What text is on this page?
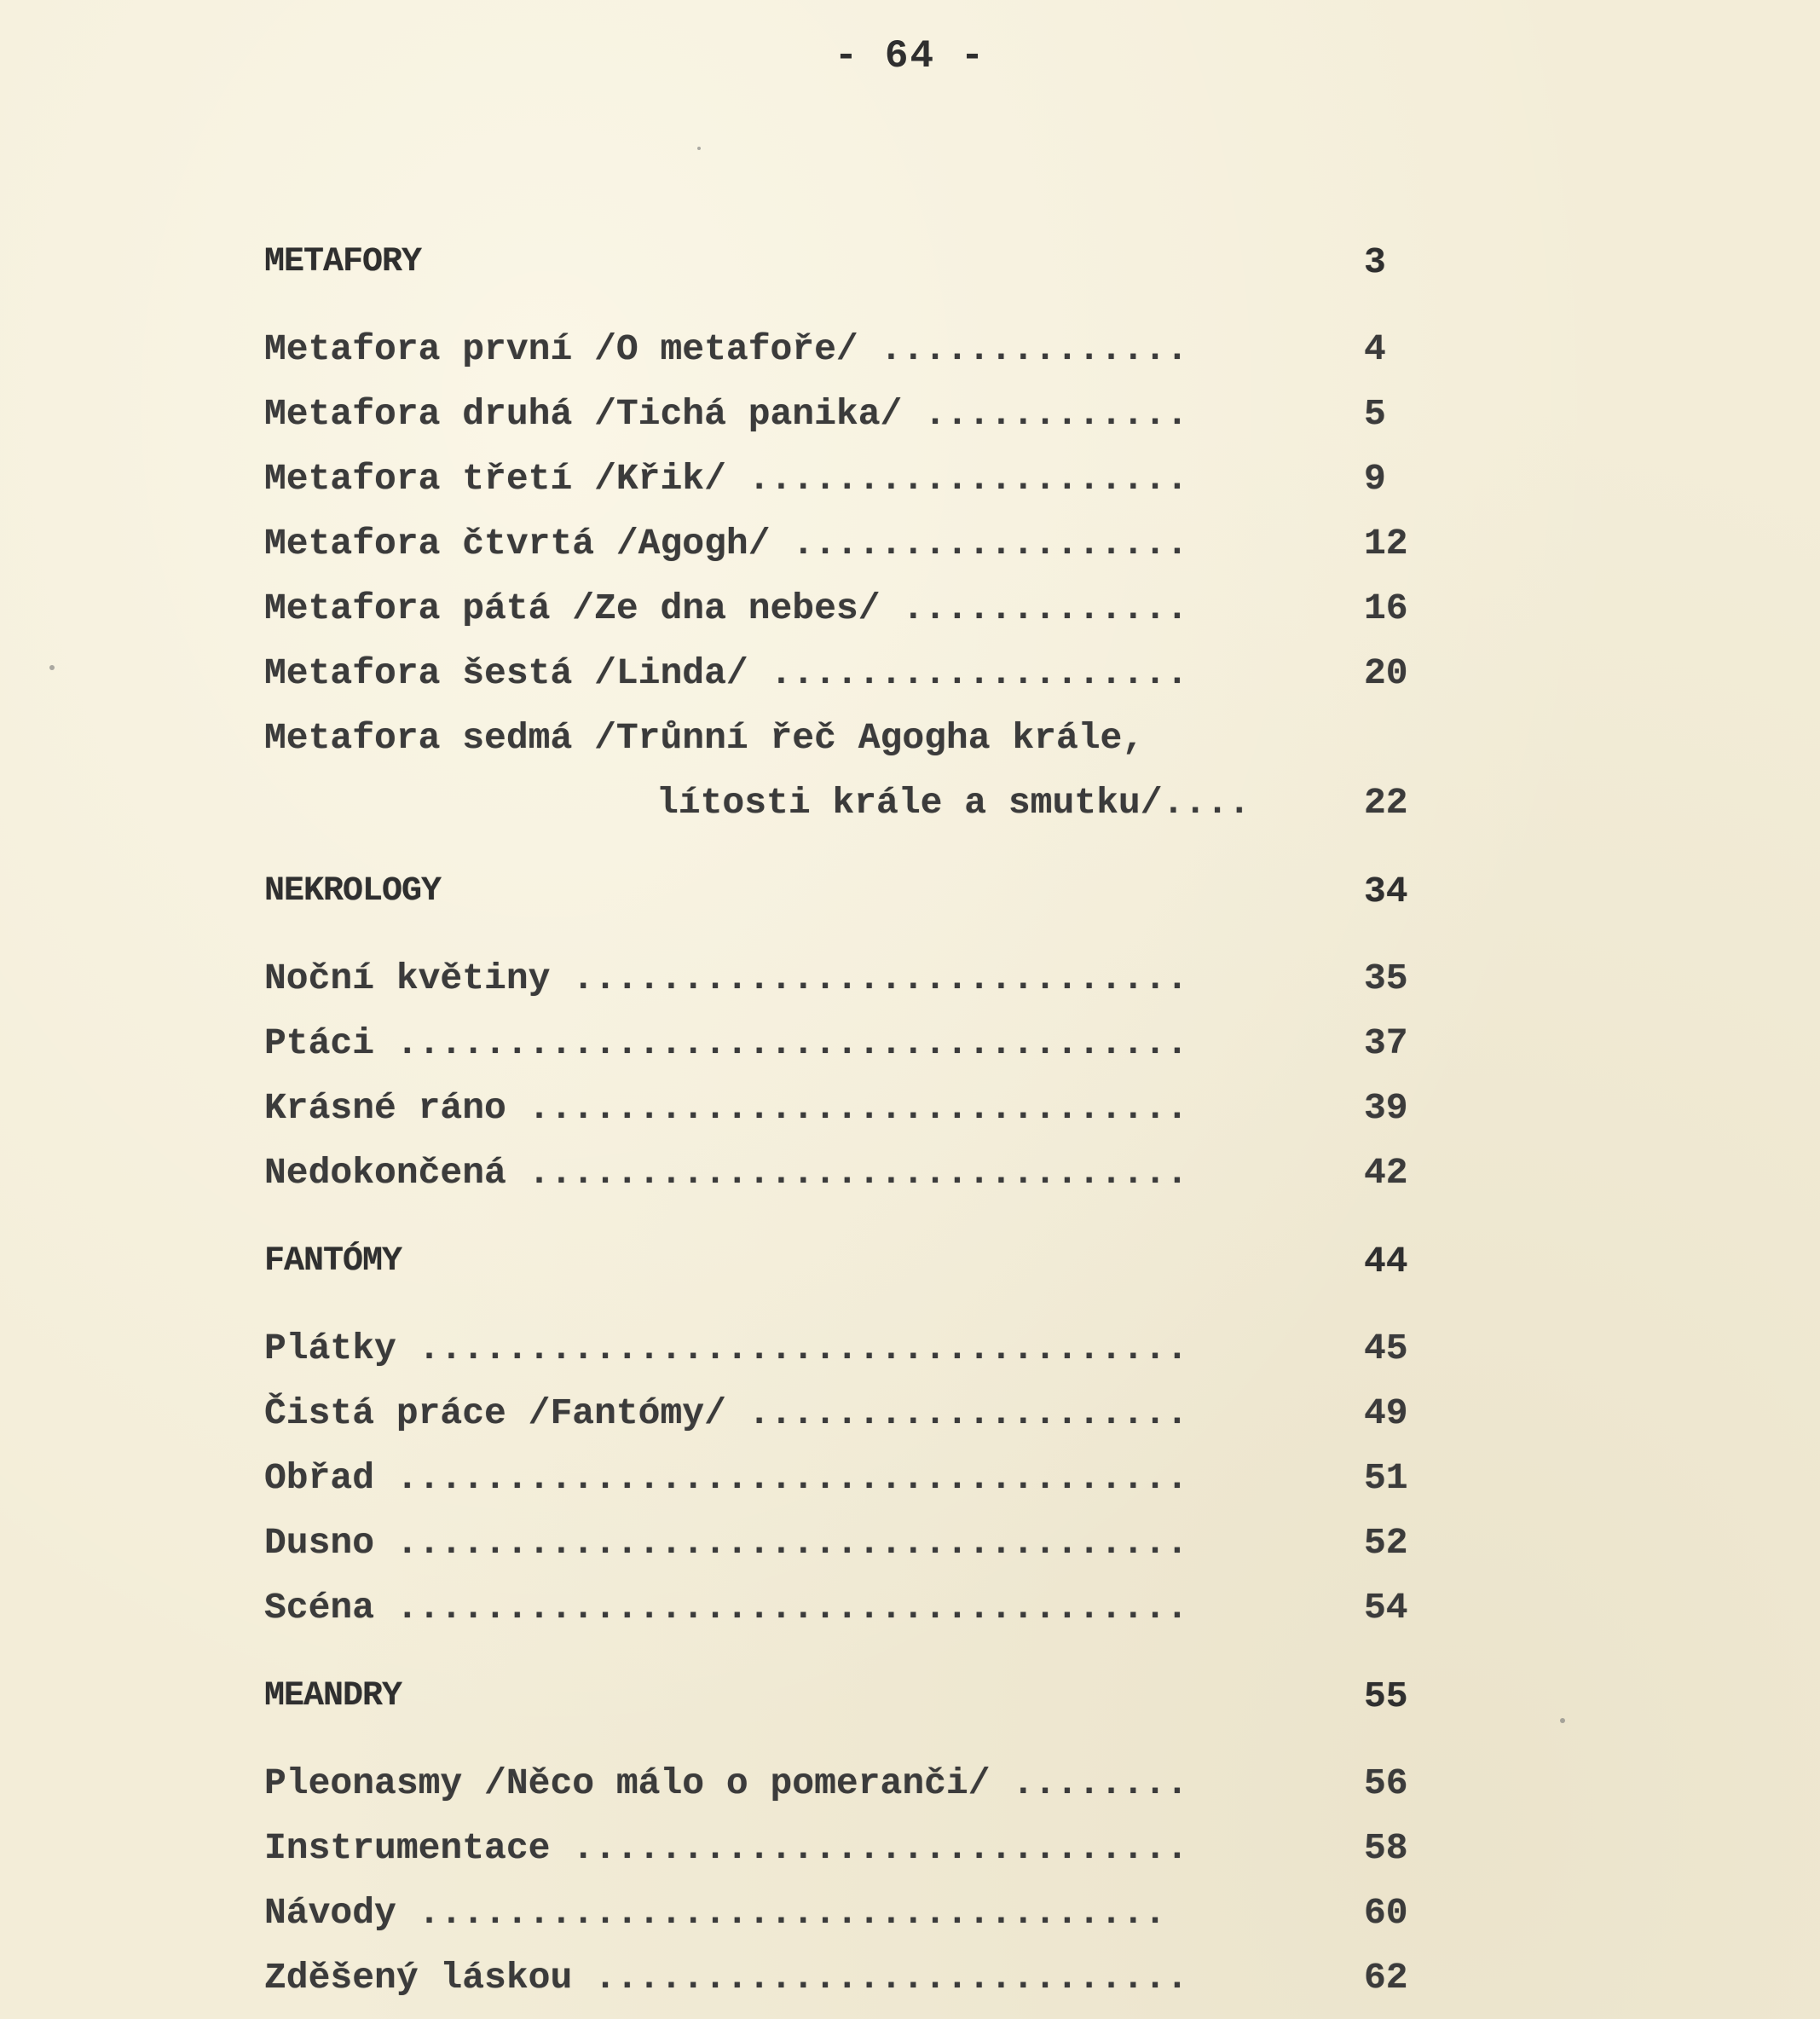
- 64 -
METAFORY	3
Metafora první /O metafoře/ ..............	4
Metafora druhá /Tichá panika/ ............	5
Metafora třetí /Křik/ ....................	9
Metafora čtvrtá /Agogh/ ..................	12
Metafora pátá /Ze dna nebes/ .............	16
Metafora šestá /Linda/ ...................	20
Metafora sedmá /Trůnní řeč Agogha krále,
lítosti krále a smutku/....	22
NEKROLOGY	34
Noční květiny ............................	35
Ptáci ....................................	37
Krásné ráno ..............................	39
Nedokončená ..............................	42
FANTÓMY	44
Plátky ...................................	45
Čistá práce /Fantómy/ ....................	49
Obřad ....................................	51
Dusno ....................................	52
Scéna ....................................	54
MEANDRY	55
Pleonasmy /Něco málo o pomeranči/ ........	56
Instrumentace ............................	58
Návody ..................................	60
Zděšený láskou ...........................	62
